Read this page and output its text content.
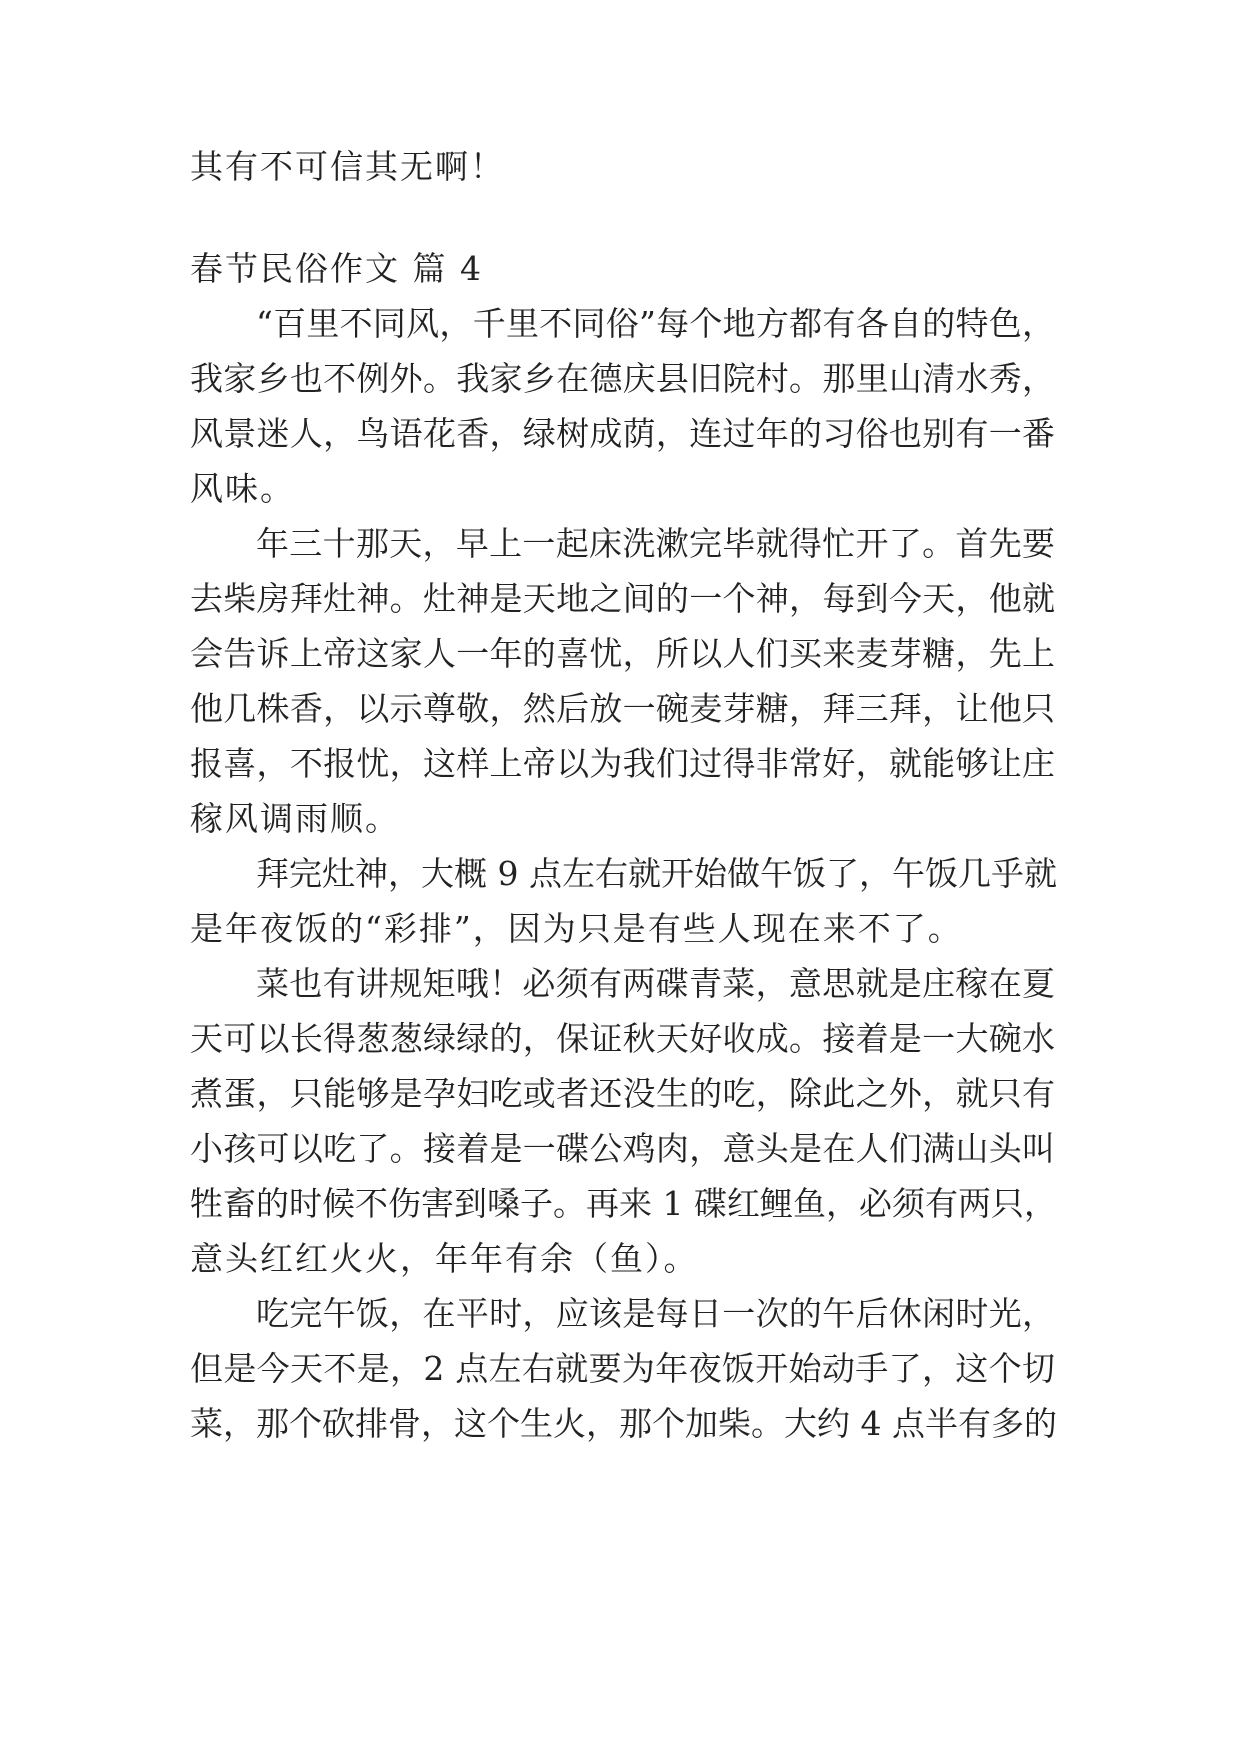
其有不可信其无啊！
春节民俗作文 篇 4
“百里不同风，千里不同俗”每个地方都有各自的特色，
我家乡也不例外。我家乡在德庆县旧院村。那里山清水秀，
风景迷人，鸟语花香，绿树成荫，连过年的习俗也别有一番
风味。
年三十那天，早上一起床洗漱完毕就得忙开了。首先要
去柴房拜灶神。灶神是天地之间的一个神，每到今天，他就
会告诉上帝这家人一年的喜忧，所以人们买来麦芽糖，先上
他几株香，以示尊敬，然后放一碗麦芽糖，拜三拜，让他只
报喜，不报忧，这样上帝以为我们过得非常好，就能够让庄
稼风调雨顺。
拜完灶神，大概 9 点左右就开始做午饭了，午饭几乎就
是年夜饭的“彩排”，因为只是有些人现在来不了。
菜也有讲规矩哦！必须有两碟青菜，意思就是庄稼在夏
天可以长得葱葱绿绿的，保证秋天好收成。接着是一大碗水
煮蛋，只能够是孕妇吃或者还没生的吃，除此之外，就只有
小孩可以吃了。接着是一碟公鸡肉，意头是在人们满山头叫
牲畜的时候不伤害到嗓子。再来 1 碟红鲤鱼，必须有两只，
意头红红火火，年年有余（鱼）。
吃完午饭，在平时，应该是每日一次的午后休闲时光，
但是今天不是，2 点左右就要为年夜饭开始动手了，这个切
菜，那个砍排骨，这个生火，那个加柴。大约 4 点半有多的
